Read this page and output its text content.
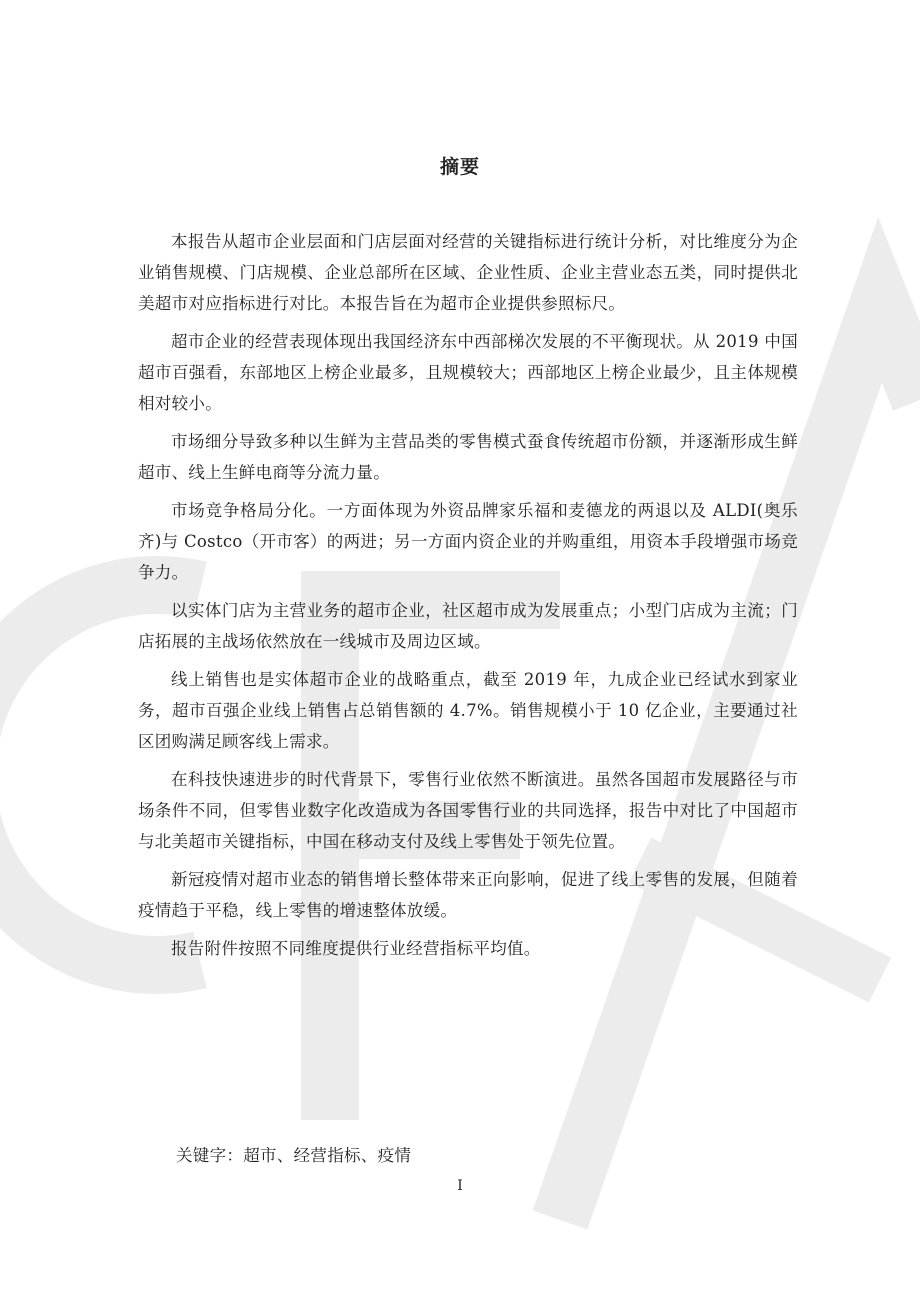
摘要

本报告从超市企业层面和门店层面对经营的关键指标进行统计分析，对比维度分为企业销售规模、门店规模、企业总部所在区域、企业性质、企业主营业态五类，同时提供北美超市对应指标进行对比。本报告旨在为超市企业提供参照标尺。

超市企业的经营表现体现出我国经济东中西部梯次发展的不平衡现状。从 2019 中国超市百强看，东部地区上榜企业最多，且规模较大；西部地区上榜企业最少，且主体规模相对较小。

市场细分导致多种以生鲜为主营品类的零售模式蚕食传统超市份额，并逐渐形成生鲜超市、线上生鲜电商等分流力量。

市场竞争格局分化。一方面体现为外资品牌家乐福和麦德龙的两退以及 ALDI(奥乐齐)与 Costco（开市客）的两进；另一方面内资企业的并购重组，用资本手段增强市场竞争力。

以实体门店为主营业务的超市企业，社区超市成为发展重点；小型门店成为主流；门店拓展的主战场依然放在一线城市及周边区域。

线上销售也是实体超市企业的战略重点，截至 2019 年，九成企业已经试水到家业务，超市百强企业线上销售占总销售额的 4.7%。销售规模小于 10 亿企业，主要通过社区团购满足顾客线上需求。

在科技快速进步的时代背景下，零售行业依然不断演进。虽然各国超市发展路径与市场条件不同，但零售业数字化改造成为各国零售行业的共同选择，报告中对比了中国超市与北美超市关键指标，中国在移动支付及线上零售处于领先位置。

新冠疫情对超市业态的销售增长整体带来正向影响，促进了线上零售的发展，但随着疫情趋于平稳，线上零售的增速整体放缓。

报告附件按照不同维度提供行业经营指标平均值。

关键字：超市、经营指标、疫情
I
